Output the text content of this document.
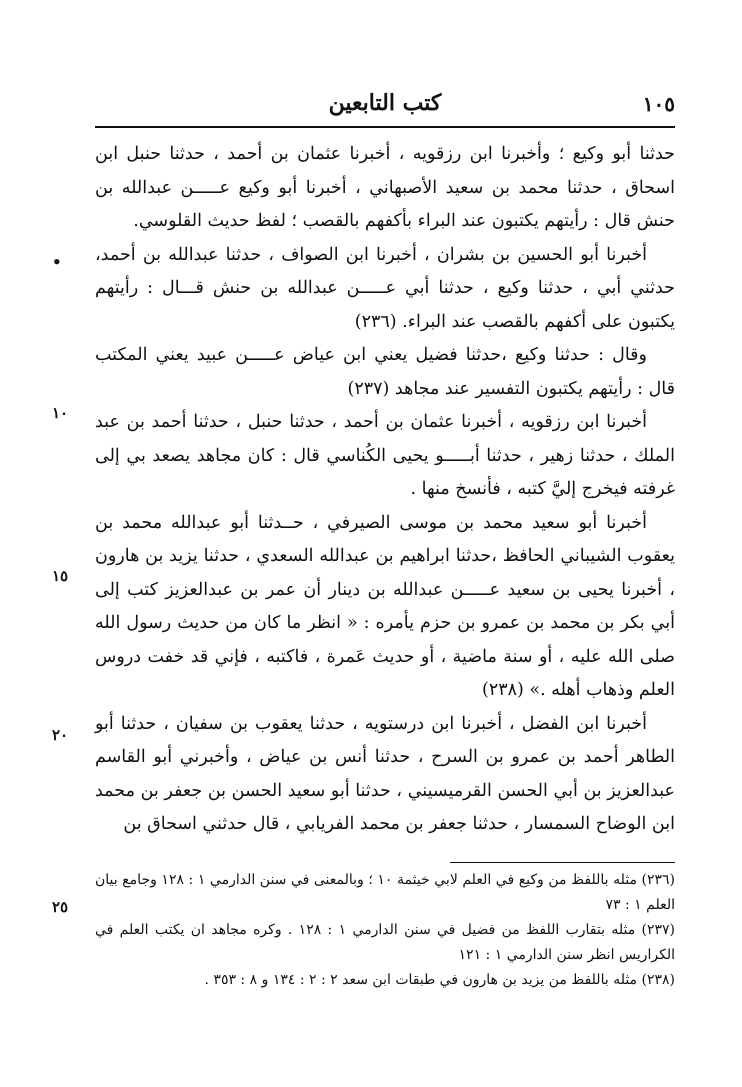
كتب التابعين	١٠٥
•
١٠
١٥
٢٠
٢٥

حدثنا أبو وكيع ؛ وأخبرنا ابن رزقويه ، أخبرنا عثمان بن أحمد ، حدثنا حنبل ابن اسحاق ، حدثنا محمد بن سعيد الأصبهاني ، أخبرنا أبو وكيع عـــــن عبدالله بن حنش قال : رأيتهم يكتبون عند البراء بأكفهم بالقصب ؛ لفظ حديث القلوسي.

أخبرنا أبو الحسين بن بشران ، أخبرنا ابن الصواف ، حدثنا عبدالله بن أحمد، حدثني أبي ، حدثنا وكيع ، حدثنا أبي عـــــن عبدالله بن حنش قـــال : رأيتهم يكتبون على أكفهم بالقصب عند البراء. (٢٣٦)

وقال : حدثنا وكيع ،حدثنا فضيل يعني ابن عياض عـــــن عبيد يعني المكتب قال : رأيتهم يكتبون التفسير عند مجاهد (٢٣٧)

أخبرنا ابن رزقويه ، أخبرنا عثمان بن أحمد ، حدثنا حنبل ، حدثنا أحمد بن عبد الملك ، حدثنا زهير ، حدثنا أبـــــو يحيى الكُناسي قال : كان مجاهد يصعد بي إلى غرفته فيخرج إليَّ كتبه ، فأنسخ منها .

أخبرنا أبو سعيد محمد بن موسى الصيرفي ، حــدثنا أبو عبدالله محمد بن يعقوب الشيباني الحافظ ،حدثنا ابراهيم بن عبدالله السعدي ، حدثنا يزيد بن هارون ، أخبرنا يحيى بن سعيد عـــــن عبدالله بن دينار أن عمر بن عبدالعزيز كتب إلى أبي بكر بن محمد بن عمرو بن حزم يأمره : « انظر ما كان من حديث رسول الله صلى الله عليه ، أو سنة ماضية ، أو حديث عَمرة ، فاكتبه ، فإني قد خفت دروس العلم وذهاب أهله .» (٢٣٨)

أخبرنا ابن الفضل ، أخبرنا ابن درستويه ، حدثنا يعقوب بن سفيان ، حدثنا أبو الطاهر أحمد بن عمرو بن السرح ، حدثنا أنس بن عياض ، وأخبرني أبو القاسم عبدالعزيز بن أبي الحسن القرميسيني ، حدثنا أبو سعيد الحسن بن جعفر بن محمد ابن الوضاح السمسار ، حدثنا جعفر بن محمد الفريابي ، قال حدثني اسحاق بن

(٢٣٦) مثله باللفظ من وكيع في العلم لابي خيثمة ١٠ ؛ وبالمعنى في سنن الدارمي ١ : ١٢٨ وجامع بيان العلم ١ : ٧٣

(٢٣٧) مثله بتقارب اللفظ من فضيل في سنن الدارمي ١ : ١٢٨ . وكره مجاهد ان يكتب العلم في الكراريس انظر سنن الدارمي ١ : ١٢١

(٢٣٨) مثله باللفظ من يزيد بن هارون في طبقات ابن سعد ٢ : ٢ : ١٣٤ و ٨ : ٣٥٣ .
